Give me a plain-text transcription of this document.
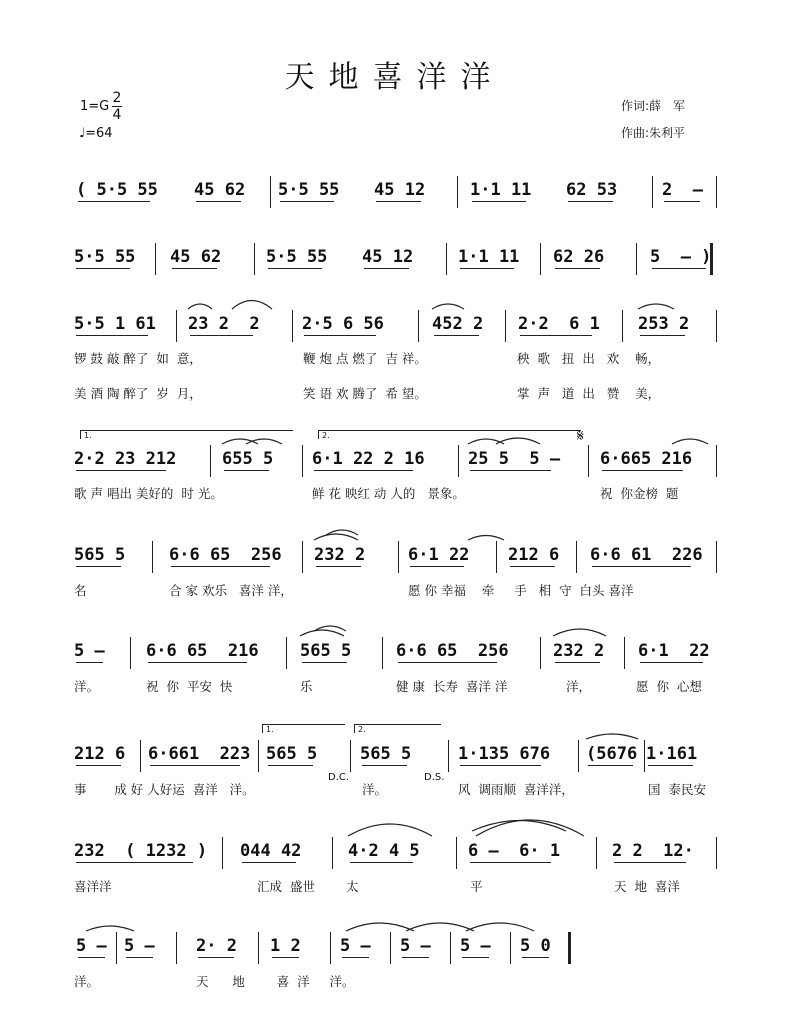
天地喜洋洋
1=G
2
4
♩=64
作词:薛　军
作曲:朱利平
( 5·5 55 45 62 5·5 55 45 12	1·1 11 62 53	2  –
5·5 55 45 62	5·5 55 45 12	1·1 11 62 26	5  – )
5·5 1 61 23 2  2 2·5 6 56	452 2 2·2  6 1 253 2
2·2 23 212	655 5 6·1 22 2 16	25 5  5 – 6·665 216
565 5	6·6 65  256 232 2	6·1 22 212 6 6·6 61  226
5 – 6·6 65  216 565 5	6·6 65  256	232 2 6·1  22
212 6 6·661  223 565 5	565 5	1·135 676 (5676 1·161
232  ( 1232 ) 044 42	4·2 4 5	6 –  6· 1	2 2  12·
5 – 5 – 2· 2 1 2 5 – 5 – 5 – 5 0
锣 鼓 敲 醉了  如  意，	鞭 炮 点 燃了  吉 祥。	秧  歌   扭  出   欢    畅，
美 酒 陶 醉了  岁  月，	笑 语 欢 腾了  希 望。	掌  声   道  出   赞    美，
歌 声 唱出 美好的  时 光。	鲜 花 映红 动 人的   景象。	祝  你金榜  题
名	合 家 欢乐   喜洋 洋，	愿 你 幸福    牵     手   相  守  白头 喜洋
洋。	祝  你  平安  快	乐	健 康  长寿  喜洋 洋	洋，	愿  你  心想
事       成 好 人好运  喜洋   洋。	洋。	风  调雨顺  喜洋洋，	国  泰民安
喜洋洋	汇成  盛世 太	平	天  地  喜洋
洋。	天      地        喜  洋     洋。
1.	2.
1.	2.
𝄋
D.C.	D.S.
